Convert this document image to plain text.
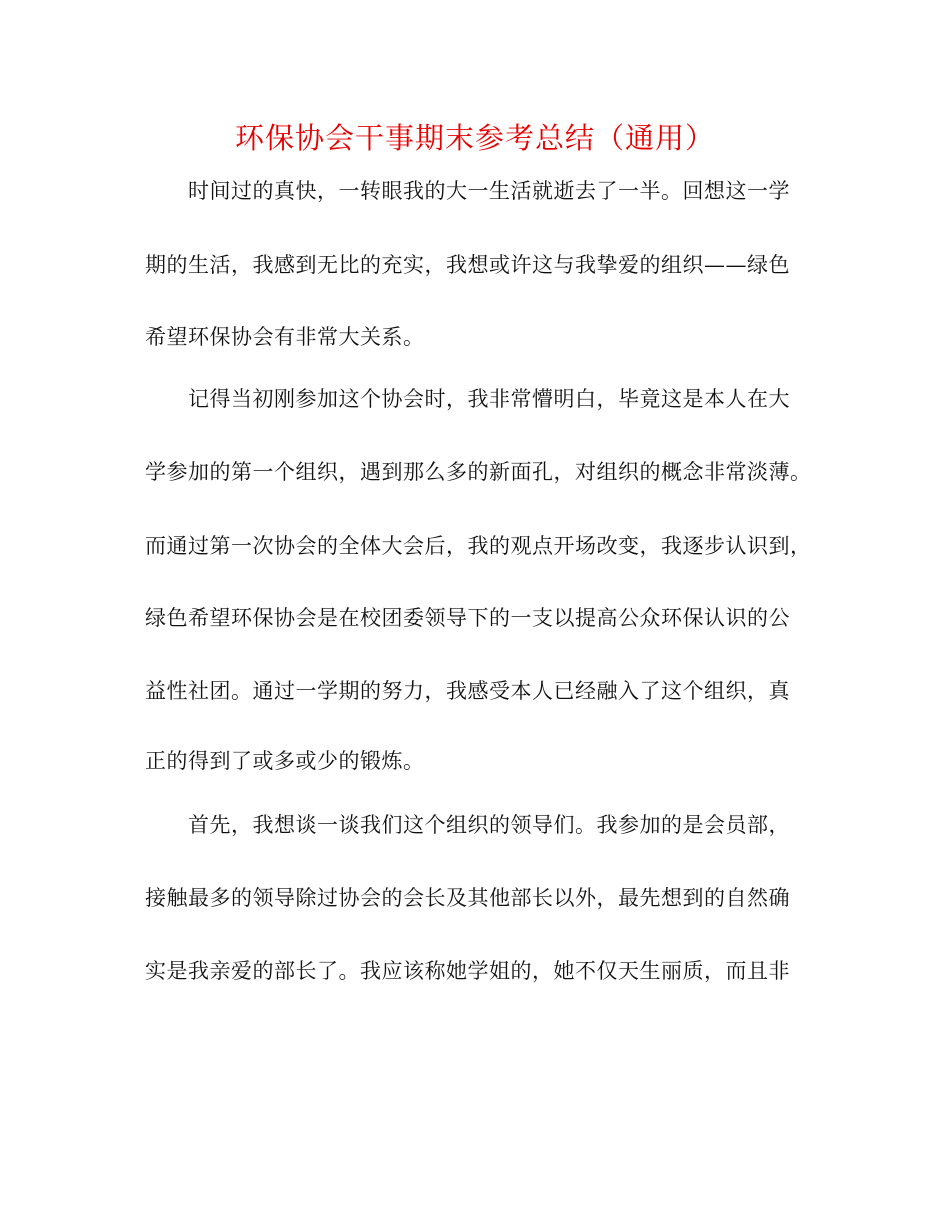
环保协会干事期末参考总结（通用）

时间过的真快，一转眼我的大一生活就逝去了一半。回想这一学

期的生活，我感到无比的充实，我想或许这与我挚爱的组织——绿色

希望环保协会有非常大关系。

记得当初刚参加这个协会时，我非常懵明白，毕竟这是本人在大

学参加的第一个组织，遇到那么多的新面孔，对组织的概念非常淡薄。

而通过第一次协会的全体大会后，我的观点开场改变，我逐步认识到，

绿色希望环保协会是在校团委领导下的一支以提高公众环保认识的公

益性社团。通过一学期的努力，我感受本人已经融入了这个组织，真

正的得到了或多或少的锻炼。

首先，我想谈一谈我们这个组织的领导们。我参加的是会员部，

接触最多的领导除过协会的会长及其他部长以外，最先想到的自然确

实是我亲爱的部长了。我应该称她学姐的，她不仅天生丽质，而且非
